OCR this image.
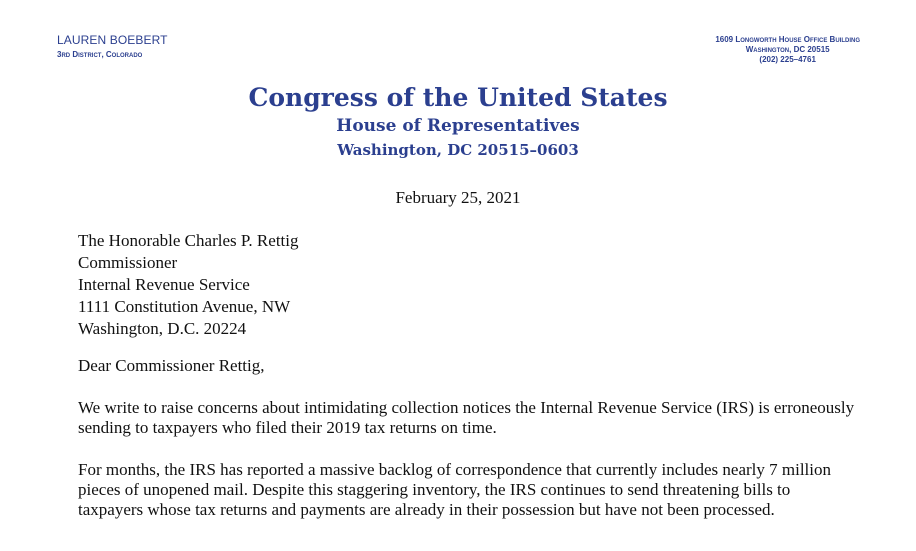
LAUREN BOEBERT
3rd District, Colorado
1609 Longworth House Office Building
Washington, DC 20515
(202) 225–4761
Congress of the United States
House of Representatives
Washington, DC 20515–0603
February 25, 2021
The Honorable Charles P. Rettig
Commissioner
Internal Revenue Service
1111 Constitution Avenue, NW
Washington, D.C. 20224
Dear Commissioner Rettig,
We write to raise concerns about intimidating collection notices the Internal Revenue Service (IRS) is erroneously sending to taxpayers who filed their 2019 tax returns on time.
For months, the IRS has reported a massive backlog of correspondence that currently includes nearly 7 million pieces of unopened mail. Despite this staggering inventory, the IRS continues to send threatening bills to taxpayers whose tax returns and payments are already in their possession but have not been processed.
